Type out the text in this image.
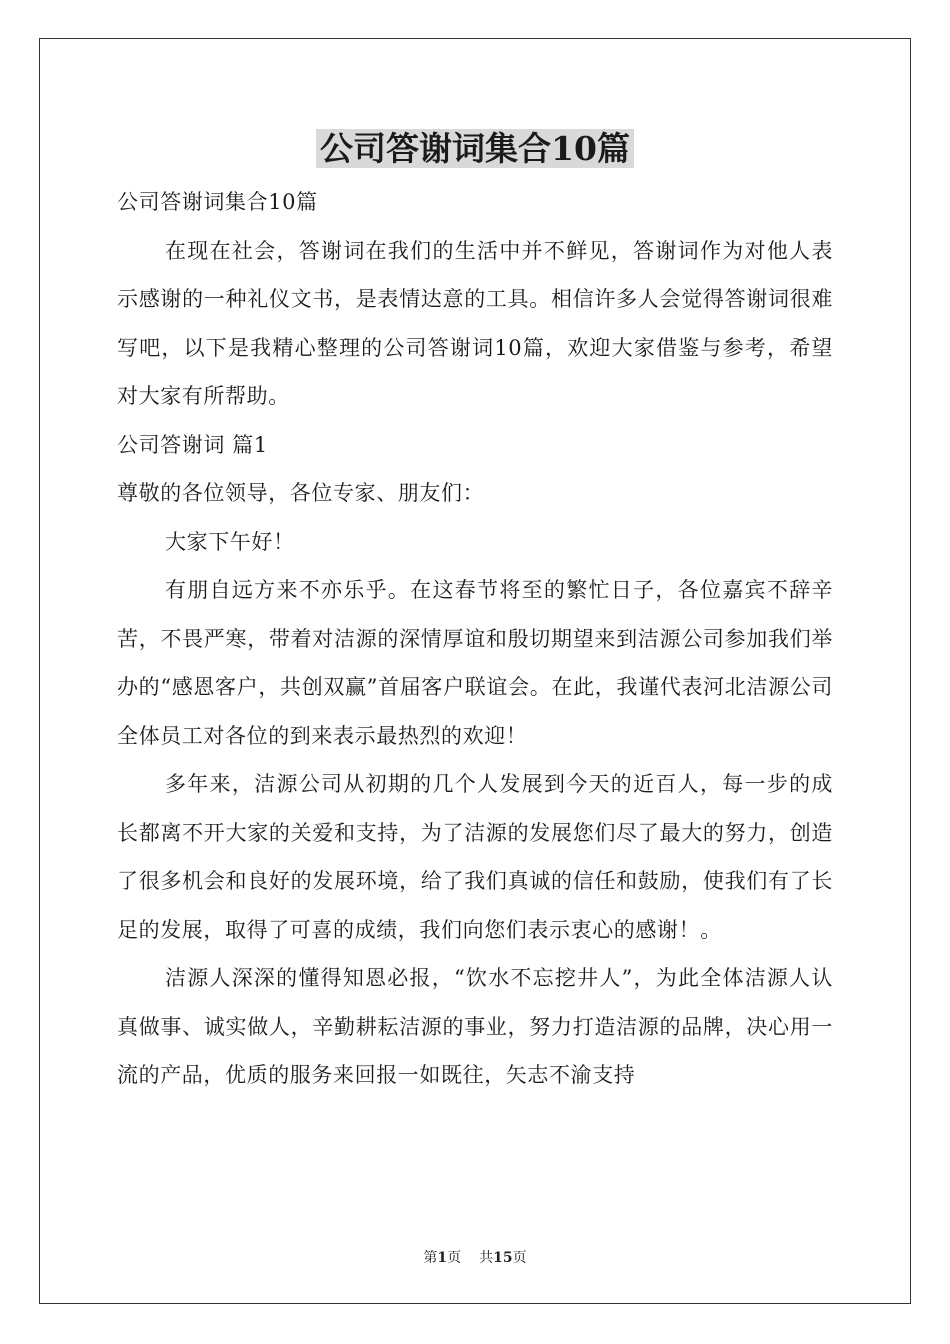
公司答谢词集合10篇

公司答谢词集合10篇

在现在社会，答谢词在我们的生活中并不鲜见，答谢词作为对他人表示感谢的一种礼仪文书，是表情达意的工具。相信许多人会觉得答谢词很难写吧，以下是我精心整理的公司答谢词10篇，欢迎大家借鉴与参考，希望对大家有所帮助。

公司答谢词 篇1

尊敬的各位领导，各位专家、朋友们：

大家下午好！

有朋自远方来不亦乐乎。在这春节将至的繁忙日子，各位嘉宾不辞辛苦，不畏严寒，带着对洁源的深情厚谊和殷切期望来到洁源公司参加我们举办的“感恩客户，共创双赢”首届客户联谊会。在此，我谨代表河北洁源公司全体员工对各位的到来表示最热烈的欢迎！

多年来，洁源公司从初期的几个人发展到今天的近百人，每一步的成长都离不开大家的关爱和支持，为了洁源的发展您们尽了最大的努力，创造了很多机会和良好的发展环境，给了我们真诚的信任和鼓励，使我们有了长足的发展，取得了可喜的成绩，我们向您们表示衷心的感谢！。

洁源人深深的懂得知恩必报，“饮水不忘挖井人”，为此全体洁源人认真做事、诚实做人，辛勤耕耘洁源的事业，努力打造洁源的品牌，决心用一流的产品，优质的服务来回报一如既往，矢志不渝支持

第1页 共15页
